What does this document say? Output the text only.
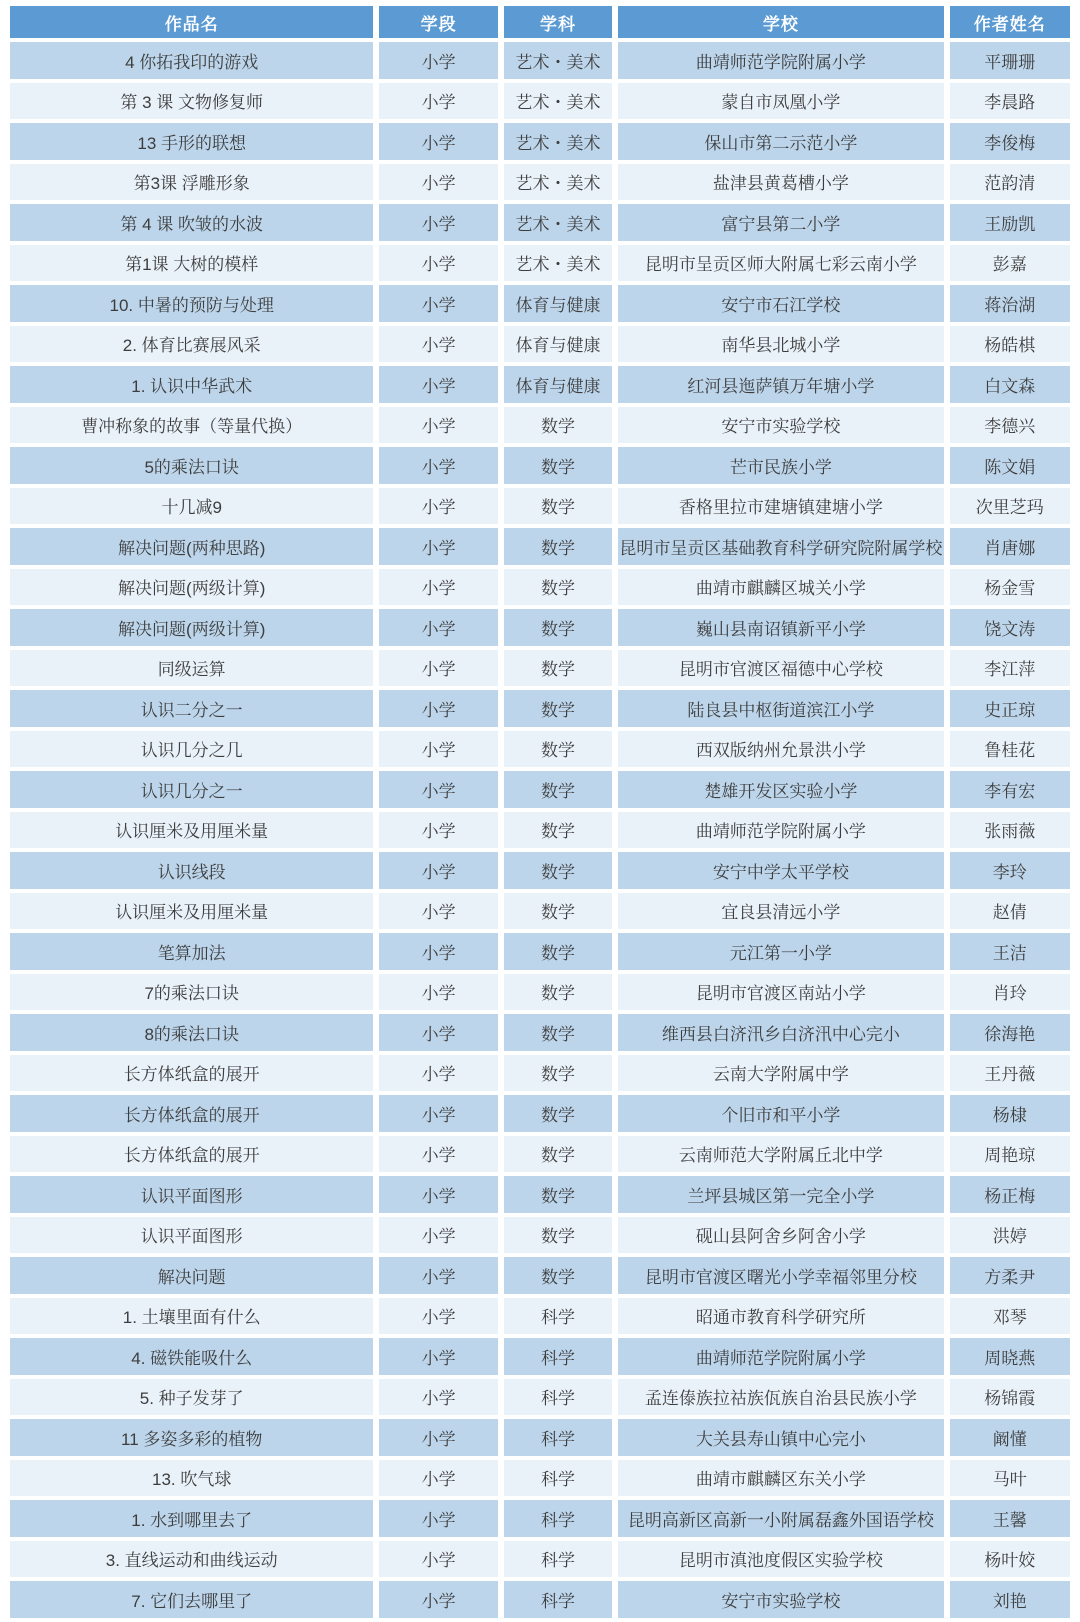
作品名	学段	学科	学校	作者姓名
4 你拓我印的游戏	小学	艺术・美术	曲靖师范学院附属小学	平珊珊
第 3 课 文物修复师	小学	艺术・美术	蒙自市凤凰小学	李晨路
13 手形的联想	小学	艺术・美术	保山市第二示范小学	李俊梅
第3课 浮雕形象	小学	艺术・美术	盐津县黄葛槽小学	范韵清
第 4 课 吹皱的水波	小学	艺术・美术	富宁县第二小学	王励凯
第1课 大树的模样	小学	艺术・美术	昆明市呈贡区师大附属七彩云南小学	彭嘉
10. 中暑的预防与处理	小学	体育与健康	安宁市石江学校	蒋治湖
2. 体育比赛展风采	小学	体育与健康	南华县北城小学	杨皓棋
1. 认识中华武术	小学	体育与健康	红河县迤萨镇万年塘小学	白文森
曹冲称象的故事（等量代换）	小学	数学	安宁市实验学校	李德兴
5的乘法口诀	小学	数学	芒市民族小学	陈文娟
十几减9	小学	数学	香格里拉市建塘镇建塘小学	次里芝玛
解决问题(两种思路)	小学	数学	昆明市呈贡区基础教育科学研究院附属学校	肖唐娜
解决问题(两级计算)	小学	数学	曲靖市麒麟区城关小学	杨金雪
解决问题(两级计算)	小学	数学	巍山县南诏镇新平小学	饶文涛
同级运算	小学	数学	昆明市官渡区福德中心学校	李江萍
认识二分之一	小学	数学	陆良县中枢街道滨江小学	史正琼
认识几分之几	小学	数学	西双版纳州允景洪小学	鲁桂花
认识几分之一	小学	数学	楚雄开发区实验小学	李有宏
认识厘米及用厘米量	小学	数学	曲靖师范学院附属小学	张雨薇
认识线段	小学	数学	安宁中学太平学校	李玲
认识厘米及用厘米量	小学	数学	宜良县清远小学	赵倩
笔算加法	小学	数学	元江第一小学	王洁
7的乘法口诀	小学	数学	昆明市官渡区南站小学	肖玲
8的乘法口诀	小学	数学	维西县白济汛乡白济汛中心完小	徐海艳
长方体纸盒的展开	小学	数学	云南大学附属中学	王丹薇
长方体纸盒的展开	小学	数学	个旧市和平小学	杨棣
长方体纸盒的展开	小学	数学	云南师范大学附属丘北中学	周艳琼
认识平面图形	小学	数学	兰坪县城区第一完全小学	杨正梅
认识平面图形	小学	数学	砚山县阿舍乡阿舍小学	洪婷
解决问题	小学	数学	昆明市官渡区曙光小学幸福邻里分校	方柔尹
1. 土壤里面有什么	小学	科学	昭通市教育科学研究所	邓琴
4. 磁铁能吸什么	小学	科学	曲靖师范学院附属小学	周晓燕
5. 种子发芽了	小学	科学	孟连傣族拉祜族佤族自治县民族小学	杨锦霞
11 多姿多彩的植物	小学	科学	大关县寿山镇中心完小	阚懂
13. 吹气球	小学	科学	曲靖市麒麟区东关小学	马叶
1. 水到哪里去了	小学	科学	昆明高新区高新一小附属磊鑫外国语学校	王馨
3. 直线运动和曲线运动	小学	科学	昆明市滇池度假区实验学校	杨叶姣
7. 它们去哪里了	小学	科学	安宁市实验学校	刘艳
